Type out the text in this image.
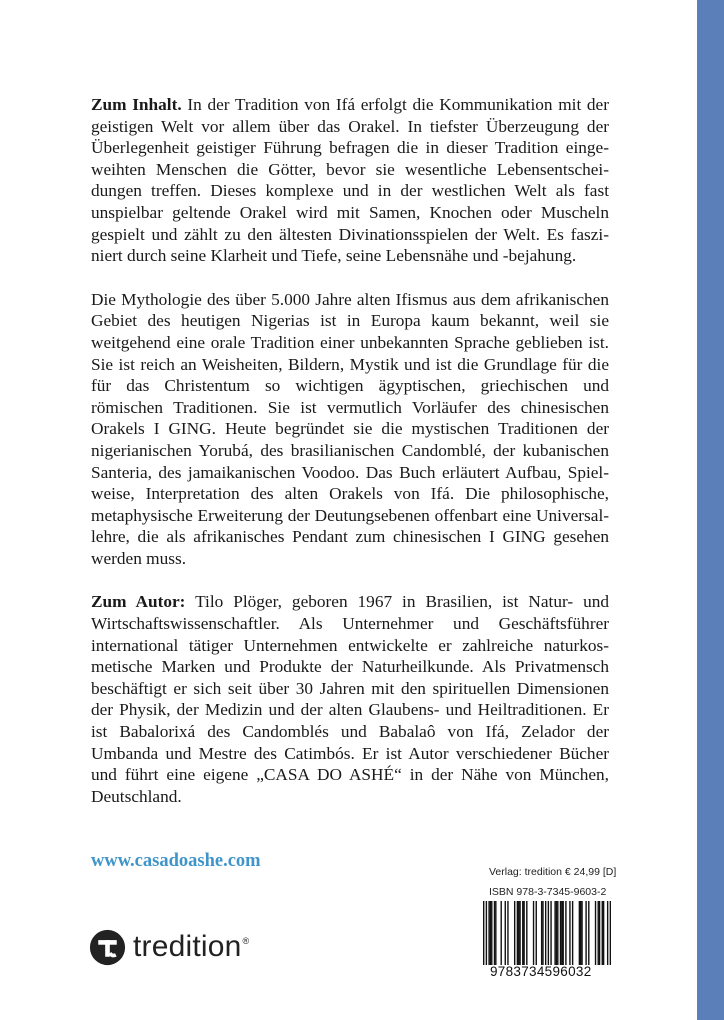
Zum Inhalt. In der Tradition von Ifá erfolgt die Kommunikation mit der geistigen Welt vor allem über das Orakel. In tiefster Überzeugung der Überlegenheit geistiger Führung befragen die in dieser Tradition eingeweihten Menschen die Götter, bevor sie wesentliche Lebensentscheidungen treffen. Dieses komplexe und in der westlichen Welt als fast unspielbar geltende Orakel wird mit Samen, Knochen oder Muscheln gespielt und zählt zu den ältesten Divinationsspielen der Welt. Es fasziniert durch seine Klarheit und Tiefe, seine Lebensnähe und -bejahung.

Die Mythologie des über 5.000 Jahre alten Ifismus aus dem afrikanischen Gebiet des heutigen Nigerias ist in Europa kaum bekannt, weil sie weitgehend eine orale Tradition einer unbekannten Sprache geblieben ist. Sie ist reich an Weisheiten, Bildern, Mystik und ist die Grundlage für die für das Christentum so wichtigen ägyptischen, griechischen und römischen Traditionen. Sie ist vermutlich Vorläufer des chinesischen Orakels I GING. Heute begründet sie die mystischen Traditionen der nigerianischen Yorubá, des brasilianischen Candomblé, der kubanischen Santeria, des jamaikanischen Voodoo. Das Buch erläutert Aufbau, Spielweise, Interpretation des alten Orakels von Ifá. Die philosophische, metaphysische Erweiterung der Deutungsebenen offenbart eine Universal-lehre, die als afrikanisches Pendant zum chinesischen I GING gesehen werden muss.

Zum Autor: Tilo Plöger, geboren 1967 in Brasilien, ist Natur- und Wirtschaftswissenschaftler. Als Unternehmer und Geschäftsführer international tätiger Unternehmen entwickelte er zahlreiche naturkosmetische Marken und Produkte der Naturheilkunde. Als Privatmensch beschäftigt er sich seit über 30 Jahren mit den spirituellen Dimensionen der Physik, der Medizin und der alten Glaubens- und Heiltraditionen. Er ist Babalorixá des Candomblés und Babalaô von Ifá, Zelador der Umbanda und Mestre des Catimbós. Er ist Autor verschiedener Bücher und führt eine eigene „CASA DO ASHÉ“ in der Nähe von München, Deutschland.

www.casadoashe.com
tredition®
Verlag: tredition € 24,99 [D]
ISBN 978-3-7345-9603-2
9783734596032
